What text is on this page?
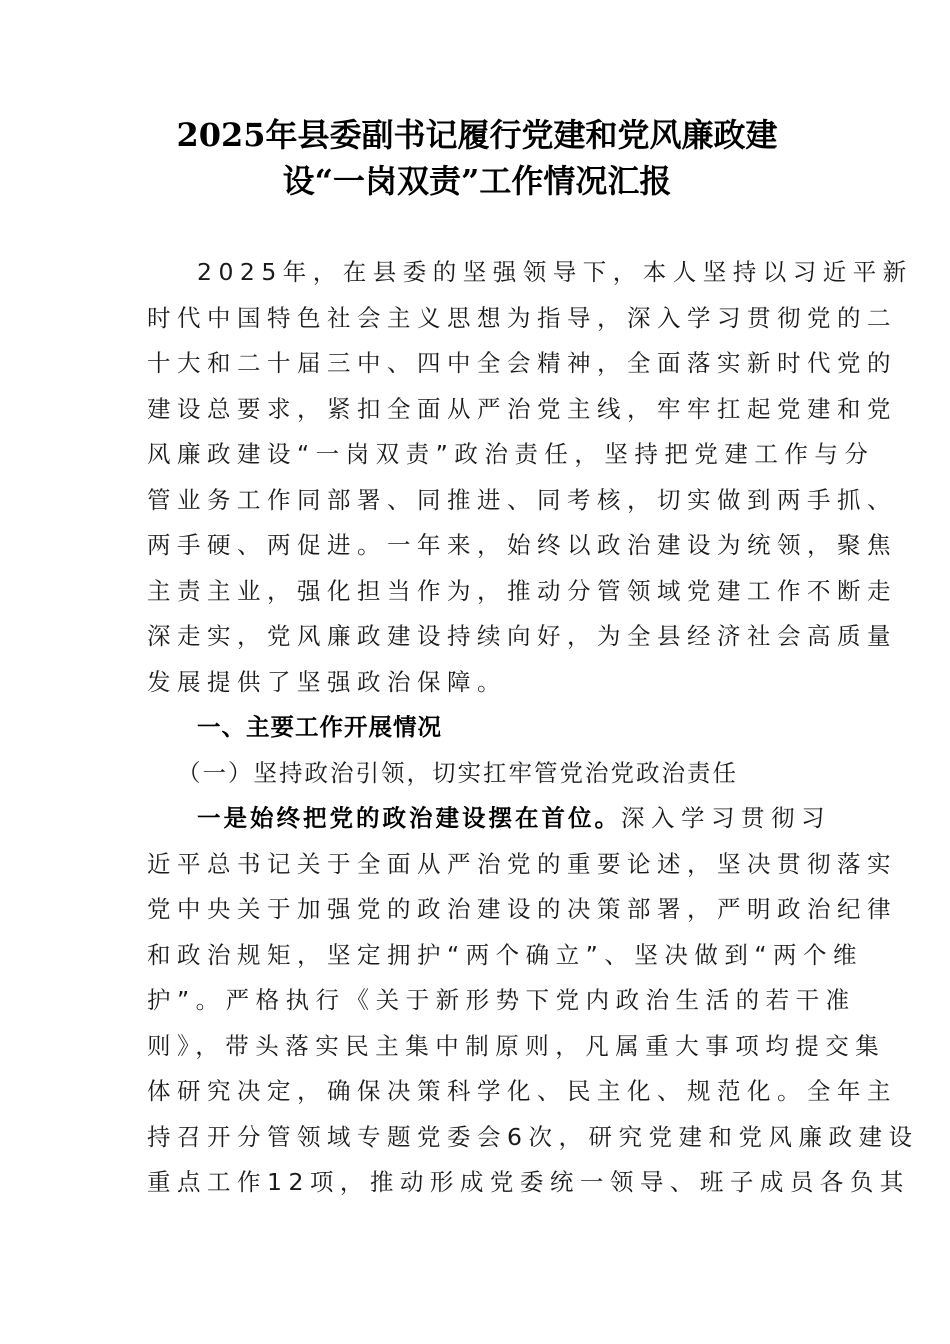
2025年县委副书记履行党建和党风廉政建
设“一岗双责”工作情况汇报
2025年，在县委的坚强领导下，本人坚持以习近平新
时代中国特色社会主义思想为指导，深入学习贯彻党的二
十大和二十届三中、四中全会精神，全面落实新时代党的
建设总要求，紧扣全面从严治党主线，牢牢扛起党建和党
风廉政建设“一岗双责”政治责任，坚持把党建工作与分
管业务工作同部署、同推进、同考核，切实做到两手抓、
两手硬、两促进。一年来，始终以政治建设为统领，聚焦
主责主业，强化担当作为，推动分管领域党建工作不断走
深走实，党风廉政建设持续向好，为全县经济社会高质量
发展提供了坚强政治保障。
一、主要工作开展情况
（一）坚持政治引领，切实扛牢管党治党政治责任
一是始终把党的政治建设摆在首位。深入学习贯彻习
近平总书记关于全面从严治党的重要论述，坚决贯彻落实
党中央关于加强党的政治建设的决策部署，严明政治纪律
和政治规矩，坚定拥护“两个确立”、坚决做到“两个维
护”。严格执行《关于新形势下党内政治生活的若干准
则》，带头落实民主集中制原则，凡属重大事项均提交集
体研究决定，确保决策科学化、民主化、规范化。全年主
持召开分管领域专题党委会6次，研究党建和党风廉政建设
重点工作12项，推动形成党委统一领导、班子成员各负其
